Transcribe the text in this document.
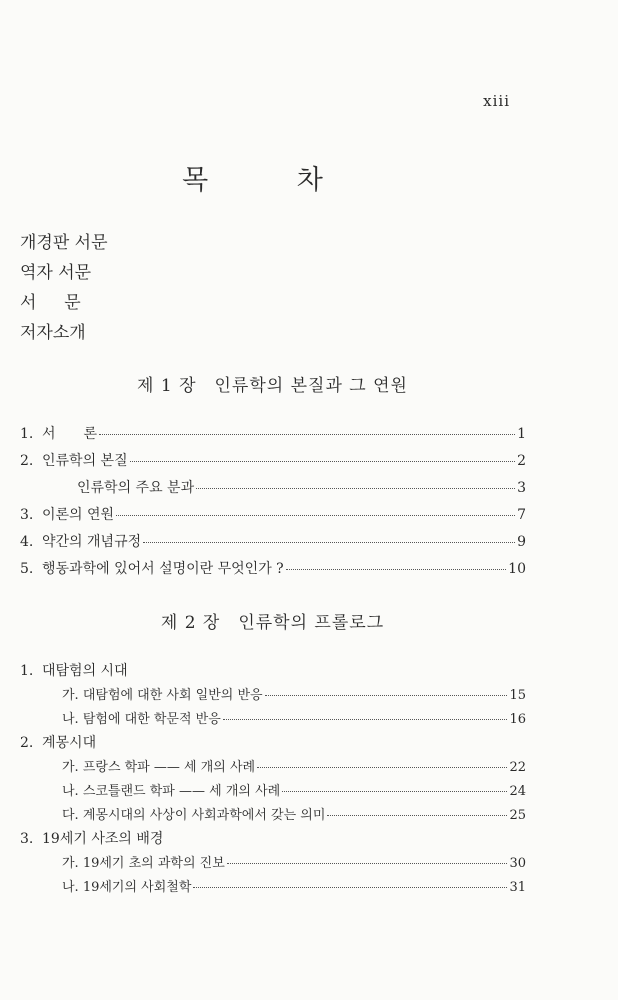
xiii
목 차
개경판 서문
역자 서문
서 　 문
저자소개
제 1 장　인류학의 본질과 그 연원
1. 서　　론	1
2. 인류학의 본질	2
인류학의 주요 분과	3
3. 이론의 연원	7
4. 약간의 개념규정	9
5. 행동과학에 있어서 설명이란 무엇인가 ?	10
제 2 장　인류학의 프롤로그
1. 대탐험의 시대
가. 대탐험에 대한 사회 일반의 반응	15
나. 탐험에 대한 학문적 반응	16
2. 계몽시대
가. 프랑스 학파 —— 세 개의 사례	22
나. 스코틀랜드 학파 —— 세 개의 사례	24
다. 계몽시대의 사상이 사회과학에서 갖는 의미	25
3. 19세기 사조의 배경
가. 19세기 초의 과학의 진보	30
나. 19세기의 사회철학	31
